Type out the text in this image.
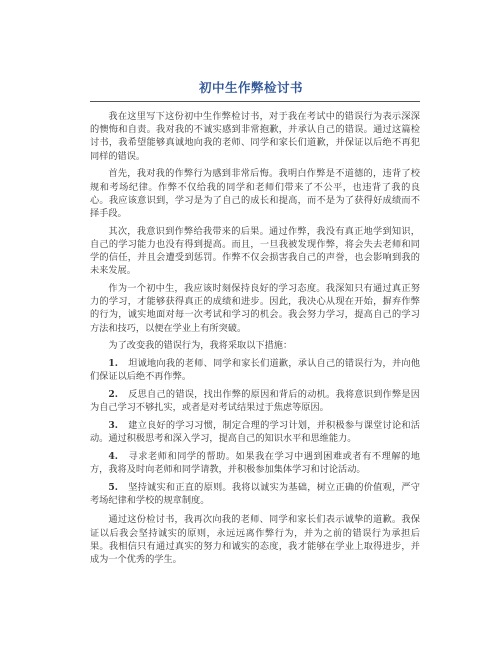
初中生作弊检讨书

我在这里写下这份初中生作弊检讨书，对于我在考试中的错误行为表示深深的懊悔和自责。我对我的不诚实感到非常抱歉，并承认自己的错误。通过这篇检讨书，我希望能够真诚地向我的老师、同学和家长们道歉，并保证以后绝不再犯同样的错误。

首先，我对我的作弊行为感到非常后悔。我明白作弊是不道德的，违背了校规和考场纪律。作弊不仅给我的同学和老师们带来了不公平，也违背了我的良心。我应该意识到，学习是为了自己的成长和提高，而不是为了获得好成绩而不择手段。

其次，我意识到作弊给我带来的后果。通过作弊，我没有真正地学到知识，自己的学习能力也没有得到提高。而且，一旦我被发现作弊，将会失去老师和同学的信任，并且会遭受到惩罚。作弊不仅会损害我自己的声誉，也会影响到我的未来发展。

作为一个初中生，我应该时刻保持良好的学习态度。我深知只有通过真正努力的学习，才能够获得真正的成绩和进步。因此，我决心从现在开始，摒弃作弊的行为，诚实地面对每一次考试和学习的机会。我会努力学习，提高自己的学习方法和技巧，以便在学业上有所突破。

为了改变我的错误行为，我将采取以下措施：

1. 坦诚地向我的老师、同学和家长们道歉，承认自己的错误行为，并向他们保证以后绝不再作弊。

2. 反思自己的错误，找出作弊的原因和背后的动机。我将意识到作弊是因为自己学习不够扎实，或者是对考试结果过于焦虑等原因。

3. 建立良好的学习习惯，制定合理的学习计划，并积极参与课堂讨论和活动。通过积极思考和深入学习，提高自己的知识水平和思维能力。

4. 寻求老师和同学的帮助。如果我在学习中遇到困难或者有不理解的地方，我将及时向老师和同学请教，并积极参加集体学习和讨论活动。

5. 坚持诚实和正直的原则。我将以诚实为基础，树立正确的价值观，严守考场纪律和学校的规章制度。

通过这份检讨书，我再次向我的老师、同学和家长们表示诚挚的道歉。我保证以后我会坚持诚实的原则，永远远离作弊行为，并为之前的错误行为承担后果。我相信只有通过真实的努力和诚实的态度，我才能够在学业上取得进步，并成为一个优秀的学生。
